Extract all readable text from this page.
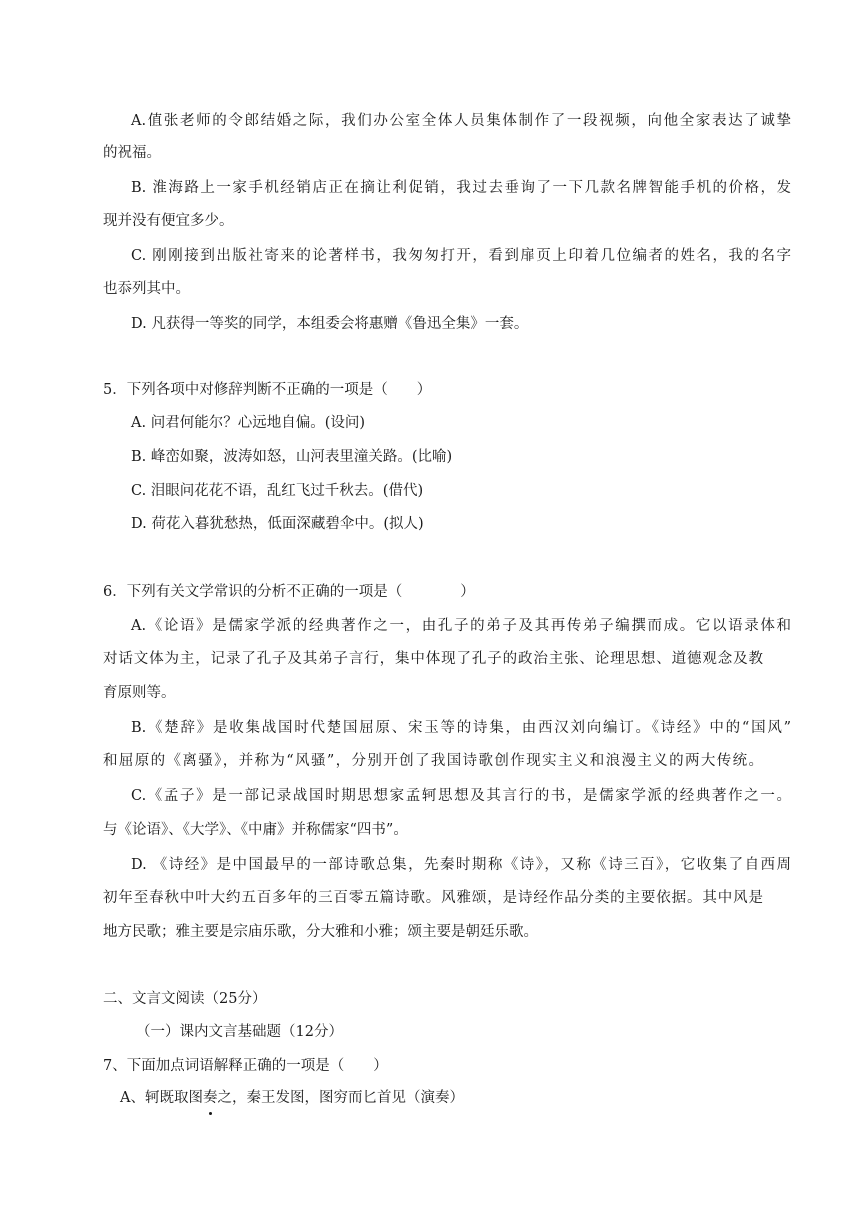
A.值张老师的令郎结婚之际，我们办公室全体人员集体制作了一段视频，向他全家表达了诚挚
的祝福。
B. 淮海路上一家手机经销店正在摘让利促销，我过去垂询了一下几款名牌智能手机的价格，发
现并没有便宜多少。
C. 刚刚接到出版社寄来的论著样书，我匆匆打开，看到扉页上印着几位编者的姓名，我的名字
也忝列其中。
D. 凡获得一等奖的同学，本组委会将惠赠《鲁迅全集》一套。
5．下列各项中对修辞判断不正确的一项是（　　）
A. 问君何能尔？心远地自偏。(设问)
B. 峰峦如聚，波涛如怒，山河表里潼关路。(比喻)
C. 泪眼问花花不语，乱红飞过千秋去。(借代)
D. 荷花入暮犹愁热，低面深藏碧伞中。(拟人)
6．下列有关文学常识的分析不正确的一项是（　　　　）
A.《论语》是儒家学派的经典著作之一，由孔子的弟子及其再传弟子编撰而成。它以语录体和
对话文体为主，记录了孔子及其弟子言行，集中体现了孔子的政治主张、论理思想、道德观念及教
育原则等。
B.《楚辞》是收集战国时代楚国屈原、宋玉等的诗集，由西汉刘向编订。《诗经》中的“国风”
和屈原的《离骚》，并称为“风骚”，分别开创了我国诗歌创作现实主义和浪漫主义的两大传统。
C.《孟子》是一部记录战国时期思想家孟轲思想及其言行的书，是儒家学派的经典著作之一。
与《论语》、《大学》、《中庸》并称儒家“四书”。
D. 《诗经》是中国最早的一部诗歌总集，先秦时期称《诗》，又称《诗三百》，它收集了自西周
初年至春秋中叶大约五百多年的三百零五篇诗歌。风雅颂，是诗经作品分类的主要依据。其中风是
地方民歌；雅主要是宗庙乐歌，分大雅和小雅；颂主要是朝廷乐歌。
二、文言文阅读（25分）
（一）课内文言基础题（12分）
7、下面加点词语解释正确的一项是（　　）
A、轲既取图奏之，秦王发图，图穷而匕首见（演奏）
